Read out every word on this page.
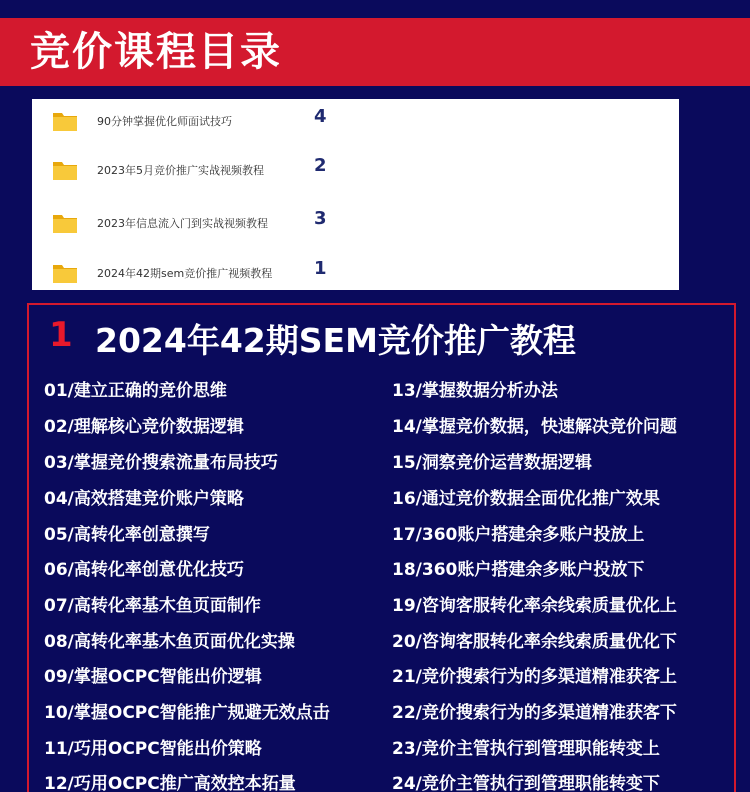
竞价课程目录
90分钟掌握优化师面试技巧	4
2023年5月竞价推广实战视频教程	2
2023年信息流入门到实战视频教程	3
2024年42期sem竞价推广视频教程 1
1 2024年42期SEM竞价推广教程
01/建立正确的竞价思维
02/理解核心竞价数据逻辑
03/掌握竞价搜索流量布局技巧
04/高效搭建竞价账户策略
05/高转化率创意撰写
06/高转化率创意优化技巧
07/高转化率基木鱼页面制作
08/高转化率基木鱼页面优化实操
09/掌握OCPC智能出价逻辑
10/掌握OCPC智能推广规避无效点击
11/巧用OCPC智能出价策略
12/巧用OCPC推广高效控本拓量
13/掌握数据分析办法
14/掌握竞价数据，快速解决竞价问题
15/洞察竞价运营数据逻辑
16/通过竞价数据全面优化推广效果
17/360账户搭建余多账户投放上
18/360账户搭建余多账户投放下
19/咨询客服转化率余线索质量优化上
20/咨询客服转化率余线索质量优化下
21/竞价搜索行为的多渠道精准获客上
22/竞价搜索行为的多渠道精准获客下
23/竞价主管执行到管理职能转变上
24/竞价主管执行到管理职能转变下
